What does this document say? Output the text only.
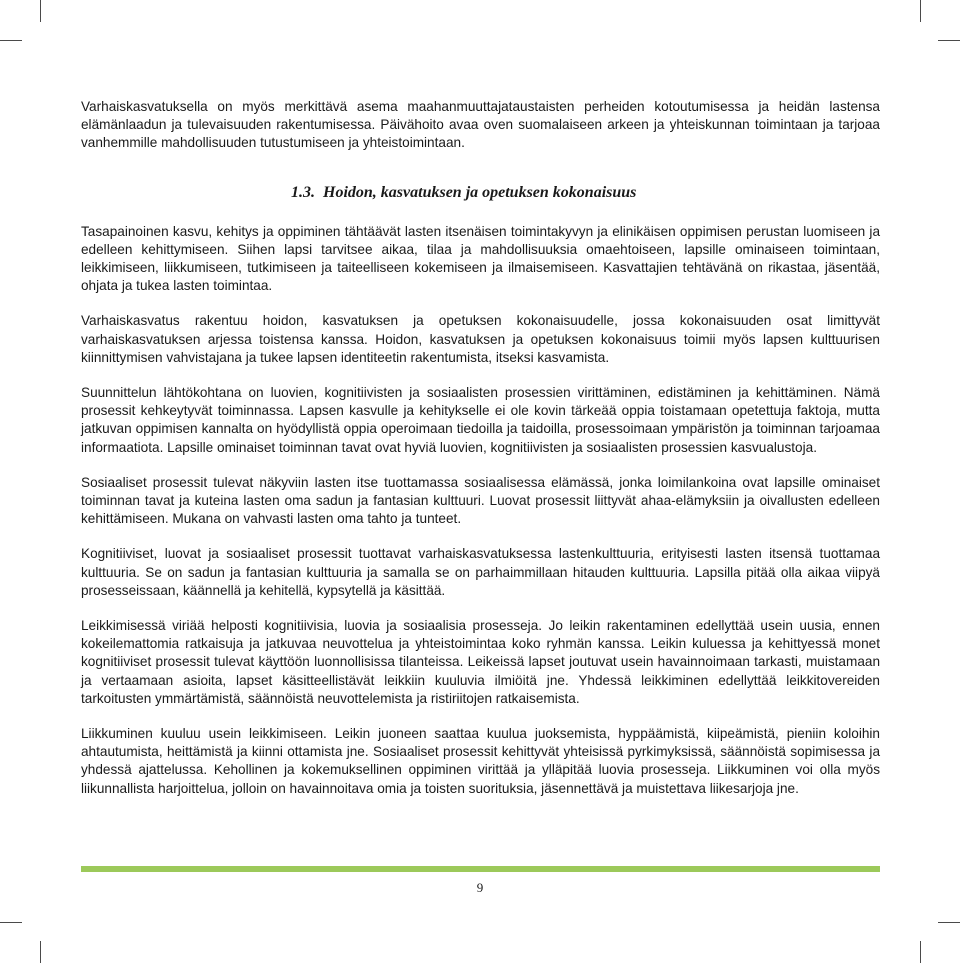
Varhaiskasvatuksella on myös merkittävä asema maahanmuuttajataustaisten perheiden kotoutumisessa ja heidän lastensa elämänlaadun ja tulevaisuuden rakentumisessa. Päivähoito avaa oven suomalaiseen arkeen ja yhteiskunnan toimintaan ja tarjoaa vanhemmille mahdollisuuden tutustumiseen ja yhteistoimintaan.

1.3. Hoidon, kasvatuksen ja opetuksen kokonaisuus

Tasapainoinen kasvu, kehitys ja oppiminen tähtäävät lasten itsenäisen toimintakyvyn ja elinikäisen oppimisen perustan luomiseen ja edelleen kehittymiseen. Siihen lapsi tarvitsee aikaa, tilaa ja mahdollisuuksia omaehtoiseen, lapsille ominaiseen toimintaan, leikkimiseen, liikkumiseen, tutkimiseen ja taiteelliseen kokemiseen ja ilmaisemiseen. Kasvattajien tehtävänä on rikastaa, jäsentää, ohjata ja tukea lasten toimintaa.

Varhaiskasvatus rakentuu hoidon, kasvatuksen ja opetuksen kokonaisuudelle, jossa kokonaisuuden osat limittyvät varhaiskasvatuksen arjessa toistensa kanssa. Hoidon, kasvatuksen ja opetuksen kokonaisuus toimii myös lapsen kulttuurisen kiinnittymisen vahvistajana ja tukee lapsen identiteetin rakentumista, itseksi kasvamista.

Suunnittelun lähtökohtana on luovien, kognitiivisten ja sosiaalisten prosessien virittäminen, edistäminen ja kehittäminen. Nämä prosessit kehkeytyvät toiminnassa. Lapsen kasvulle ja kehitykselle ei ole kovin tärkeää oppia toistamaan opetettuja faktoja, mutta jatkuvan oppimisen kannalta on hyödyllistä oppia operoimaan tiedoilla ja taidoilla, prosessoimaan ympäristön ja toiminnan tarjoamaa informaatiota. Lapsille ominaiset toiminnan tavat ovat hyviä luovien, kognitiivisten ja sosiaalisten prosessien kasvualustoja.

Sosiaaliset prosessit tulevat näkyviin lasten itse tuottamassa sosiaalisessa elämässä, jonka loimilankoina ovat lapsille ominaiset toiminnan tavat ja kuteina lasten oma sadun ja fantasian kulttuuri. Luovat prosessit liittyvät ahaa-elämyksiin ja oivallusten edelleen kehittämiseen. Mukana on vahvasti lasten oma tahto ja tunteet.

Kognitiiviset, luovat ja sosiaaliset prosessit tuottavat varhaiskasvatuksessa lastenkulttuuria, erityisesti lasten itsensä tuottamaa kulttuuria. Se on sadun ja fantasian kulttuuria ja samalla se on parhaimmillaan hitauden kulttuuria. Lapsilla pitää olla aikaa viipyä prosesseissaan, käännellä ja kehitellä, kypsytellä ja käsittää.

Leikkimisessä viriää helposti kognitiivisia, luovia ja sosiaalisia prosesseja. Jo leikin rakentaminen edellyttää usein uusia, ennen kokeilemattomia ratkaisuja ja jatkuvaa neuvottelua ja yhteistoimintaa koko ryhmän kanssa. Leikin kuluessa ja kehittyessä monet kognitiiviset prosessit tulevat käyttöön luonnollisissa tilanteissa. Leikeissä lapset joutuvat usein havainnoimaan tarkasti, muistamaan ja vertaamaan asioita, lapset käsitteellistävät leikkiin kuuluvia ilmiöitä jne. Yhdessä leikkiminen edellyttää leikkitovereiden tarkoitusten ymmärtämistä, säännöistä neuvottelemista ja ristiriitojen ratkaisemista.

Liikkuminen kuuluu usein leikkimiseen. Leikin juoneen saattaa kuulua juoksemista, hyppäämistä, kiipeämistä, pieniin koloihin ahtautumista, heittämistä ja kiinni ottamista jne. Sosiaaliset prosessit kehittyvät yhteisissä pyrkimyksissä, säännöistä sopimisessa ja yhdessä ajattelussa. Kehollinen ja kokemuksellinen oppiminen virittää ja ylläpitää luovia prosesseja. Liikkuminen voi olla myös liikunnallista harjoittelua, jolloin on havainnoitava omia ja toisten suorituksia, jäsennettävä ja muistettava liikesarjoja jne.

9
